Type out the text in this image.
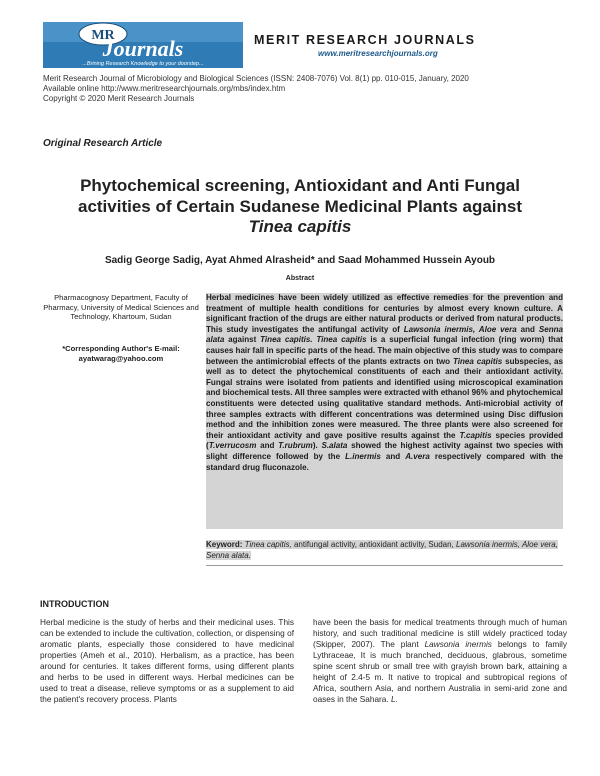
MR
Journals
...Brining Research Knowledge to your doorstep...
MERIT RESEARCH JOURNALS
www.meritresearchjournals.org
Merit Research Journal of Microbiology and Biological Sciences (ISSN: 2408-7076) Vol. 8(1) pp. 010-015, January, 2020
Available online http://www.meritresearchjournals.org/mbs/index.htm
Copyright © 2020 Merit Research Journals
Original Research Article
Phytochemical screening, Antioxidant and Anti Fungal
activities of Certain Sudanese Medicinal Plants against
Tinea capitis
Sadig George Sadig, Ayat Ahmed Alrasheid* and Saad Mohammed Hussein Ayoub
Abstract
Pharmacognosy Department, Faculty of Pharmacy, University of Medical Sciences and Technology, Khartoum, Sudan
*Corresponding Author's E-mail:
ayatwarag@yahoo.com
Herbal medicines have been widely utilized as effective remedies for the prevention and treatment of multiple health conditions for centuries by almost every known culture. A significant fraction of the drugs are either natural products or derived from natural products. This study investigates the antifungal activity of Lawsonia inermis, Aloe vera and Senna alata against Tinea capitis. Tinea capitis is a superficial fungal infection (ring worm) that causes hair fall in specific parts of the head. The main objective of this study was to compare between the antimicrobial effects of the plants extracts on two Tinea capitis subspecies, as well as to detect the phytochemical constituents of each and their antioxidant activity. Fungal strains were isolated from patients and identified using microscopical examination and biochemical tests. All three samples were extracted with ethanol 96% and phytochemical constituents were detected using qualitative standard methods. Anti-microbial activity of three samples extracts with different concentrations was determined using Disc diffusion method and the inhibition zones were measured. The three plants were also screened for their antioxidant activity and gave positive results against the T.capitis species provided (T.verrucosm and T.rubrum). S.alata showed the highest activity against two species with slight difference followed by the L.inermis and A.vera respectively compared with the standard drug fluconazole.
Keyword: Tinea capitis, antifungal activity, antioxidant activity, Sudan, Lawsonia inermis, Aloe vera, Senna alata.
INTRODUCTION
Herbal medicine is the study of herbs and their medicinal uses. This can be extended to include the cultivation, collection, or dispensing of aromatic plants, especially those considered to have medicinal properties (Ameh et al., 2010). Herbalism, as a practice, has been around for centuries. It takes different forms, using different plants and herbs to be used in different ways. Herbal medicines can be used to treat a disease, relieve symptoms or as a supplement to aid the patient's recovery process. Plants
have been the basis for medical treatments through much of human history, and such traditional medicine is still widely practiced today (Skipper, 2007). The plant Lawsonia inermis belongs to family Lythraceae, It is much branched, deciduous, glabrous, sometime spine scent shrub or small tree with grayish brown bark, attaining a height of 2.4-5 m. It native to tropical and subtropical regions of Africa, southern Asia, and northern Australia in semi-arid zone and oases in the Sahara. L.
